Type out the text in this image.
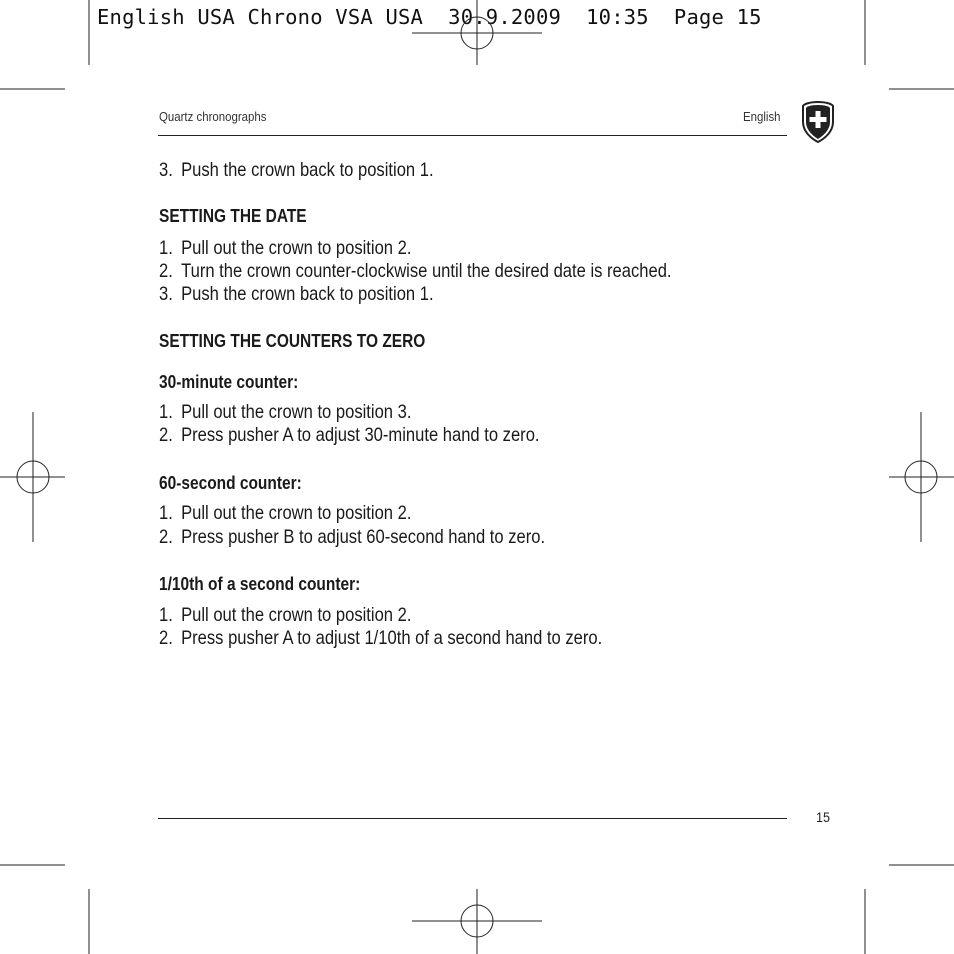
English USA Chrono VSA USA  30.9.2009  10:35  Page 15
Quartz chronographs	English
3. Push the crown back to position 1.
SETTING THE DATE
1. Pull out the crown to position 2.
2. Turn the crown counter-clockwise until the desired date is reached.
3. Push the crown back to position 1.
SETTING THE COUNTERS TO ZERO
30-minute counter:
1. Pull out the crown to position 3.
2. Press pusher A to adjust 30-minute hand to zero.
60-second counter:
1. Pull out the crown to position 2.
2. Press pusher B to adjust 60-second hand to zero.
1/10th of a second counter:
1. Pull out the crown to position 2.
2. Press pusher A to adjust 1/10th of a second hand to zero.
15
